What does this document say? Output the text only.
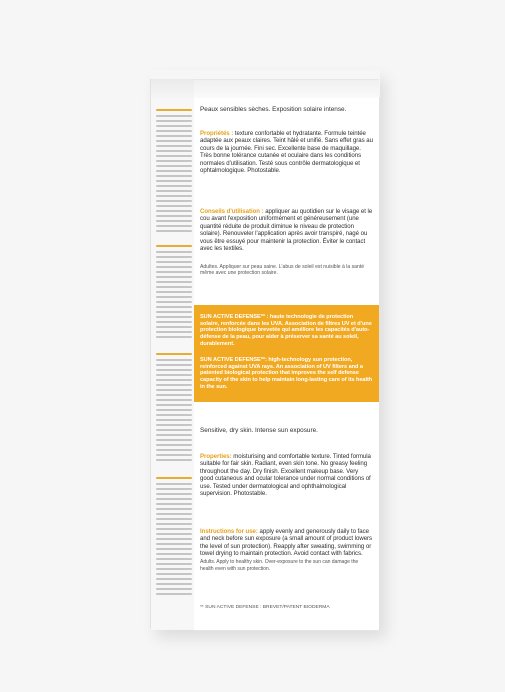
Peaux sensibles sèches. Exposition solaire intense.
Propriétés : texture confortable et hydratante. Formule teintée adaptée aux peaux claires. Teint hâlé et unifié. Sans effet gras au cours de la journée. Fini sec. Excellente base de maquillage. Très bonne tolérance cutanée et oculaire dans les conditions normales d'utilisation. Testé sous contrôle dermatologique et ophtalmologique. Photostable.
Conseils d'utilisation : appliquer au quotidien sur le visage et le cou avant l'exposition uniformément et généreusement (une quantité réduite de produit diminue le niveau de protection solaire). Renouveler l'application après avoir transpiré, nagé ou vous être essuyé pour maintenir la protection. Éviter le contact avec les textiles.
Adultes. Appliquer sur peau saine. L'abus de soleil est nuisible à la santé même avec une protection solaire.
SUN ACTIVE DEFENSE** : haute technologie de protection solaire, renforcée dans les UVA. Association de filtres UV et d'une protection biologique brevetée qui améliore les capacités d'auto-défense de la peau, pour aider à préserver sa santé au soleil, durablement.
SUN ACTIVE DEFENSE**: high-technology sun protection, reinforced against UVA rays. An association of UV filters and a patented biological protection that improves the self defense capacity of the skin to help maintain long-lasting care of its health in the sun.
Sensitive, dry skin. Intense sun exposure.
Properties: moisturising and comfortable texture. Tinted formula suitable for fair skin. Radiant, even skin tone. No greasy feeling throughout the day. Dry finish. Excellent makeup base. Very good cutaneous and ocular tolerance under normal conditions of use. Tested under dermatological and ophthalmological supervision. Photostable.
Instructions for use: apply evenly and generously daily to face and neck before sun exposure (a small amount of product lowers the level of sun protection). Reapply after sweating, swimming or towel drying to maintain protection. Avoid contact with fabrics. Adults. Apply to healthy skin. Over-exposure to the sun can damage the health even with sun protection.
** SUN ACTIVE DEFENSE : BREVET/PATENT BIODERMA
